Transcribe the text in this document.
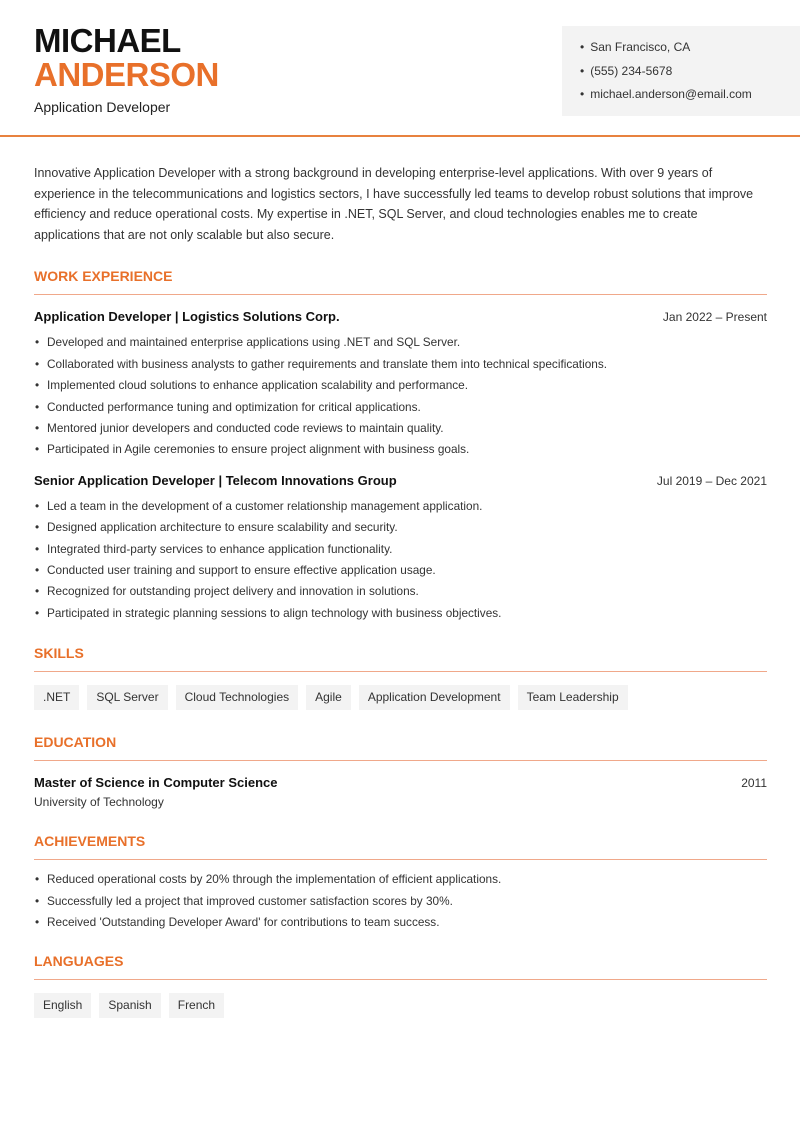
MICHAEL
ANDERSON
Application Developer
• San Francisco, CA
• (555) 234-5678
• michael.anderson@email.com

Innovative Application Developer with a strong background in developing enterprise-level applications. With over 9 years of experience in the telecommunications and logistics sectors, I have successfully led teams to develop robust solutions that improve efficiency and reduce operational costs. My expertise in .NET, SQL Server, and cloud technologies enables me to create applications that are not only scalable but also secure.

WORK EXPERIENCE
Application Developer | Logistics Solutions Corp.	Jan 2022 – Present
• Developed and maintained enterprise applications using .NET and SQL Server.
• Collaborated with business analysts to gather requirements and translate them into technical specifications.
• Implemented cloud solutions to enhance application scalability and performance.
• Conducted performance tuning and optimization for critical applications.
• Mentored junior developers and conducted code reviews to maintain quality.
• Participated in Agile ceremonies to ensure project alignment with business goals.
Senior Application Developer | Telecom Innovations Group	Jul 2019 – Dec 2021
• Led a team in the development of a customer relationship management application.
• Designed application architecture to ensure scalability and security.
• Integrated third-party services to enhance application functionality.
• Conducted user training and support to ensure effective application usage.
• Recognized for outstanding project delivery and innovation in solutions.
• Participated in strategic planning sessions to align technology with business objectives.
SKILLS
.NET	SQL Server	Cloud Technologies	Agile	Application Development	Team Leadership
EDUCATION
Master of Science in Computer Science	2011
University of Technology
ACHIEVEMENTS
• Reduced operational costs by 20% through the implementation of efficient applications.
• Successfully led a project that improved customer satisfaction scores by 30%.
• Received 'Outstanding Developer Award' for contributions to team success.
LANGUAGES
English	Spanish	French
